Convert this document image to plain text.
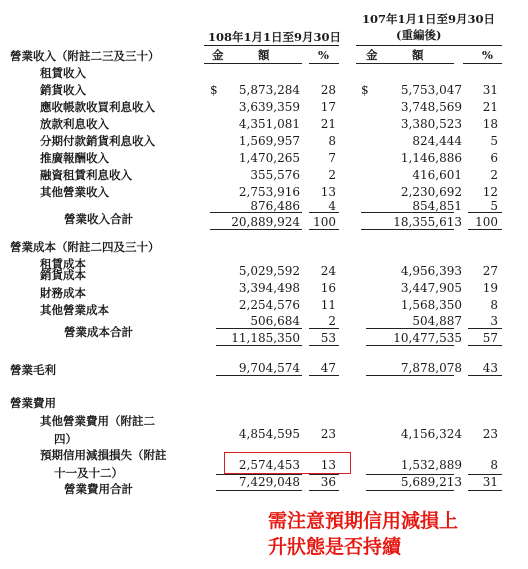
107年1月1日至9月30日
(重編後)
108年1月1日至9月30日
金　　　額	%	金　　　額	%
營業收入（附註二三及三十）
租賃收入
銷貨收入	$ 5,873,284 28 $	5,753,047 31
應收帳款收買利息收入	3,639,359 17	3,748,569 21
放款利息收入	4,351,081 21	3,380,523 18
分期付款銷貨利息收入	1,569,957 8	824,444 5
推廣報酬收入	1,470,265 7	1,146,886 6
融資租賃利息收入	355,576 2	416,601 2
其他營業收入	2,753,916 13	2,230,692 12
876,486 4	854,851 5
營業收入合計	20,889,924 100	18,355,613 100
營業成本（附註二四及三十）
租賃成本
銷貨成本	5,029,592 24	4,956,393 27
財務成本	3,394,498 16	3,447,905 19
其他營業成本	2,254,576 11	1,568,350 8
506,684 2	504,887 3
營業成本合計	11,185,350 53	10,477,535 57
營業毛利	9,704,574 47	7,878,078 43
營業費用
其他營業費用（附註二
四）	4,854,595 23	4,156,324 23
預期信用減損損失（附註
十一及十二）
2,574,453 13	1,532,889 8
營業費用合計	7,429,048 36	5,689,213 31
需注意預期信用減損上
升狀態是否持續
